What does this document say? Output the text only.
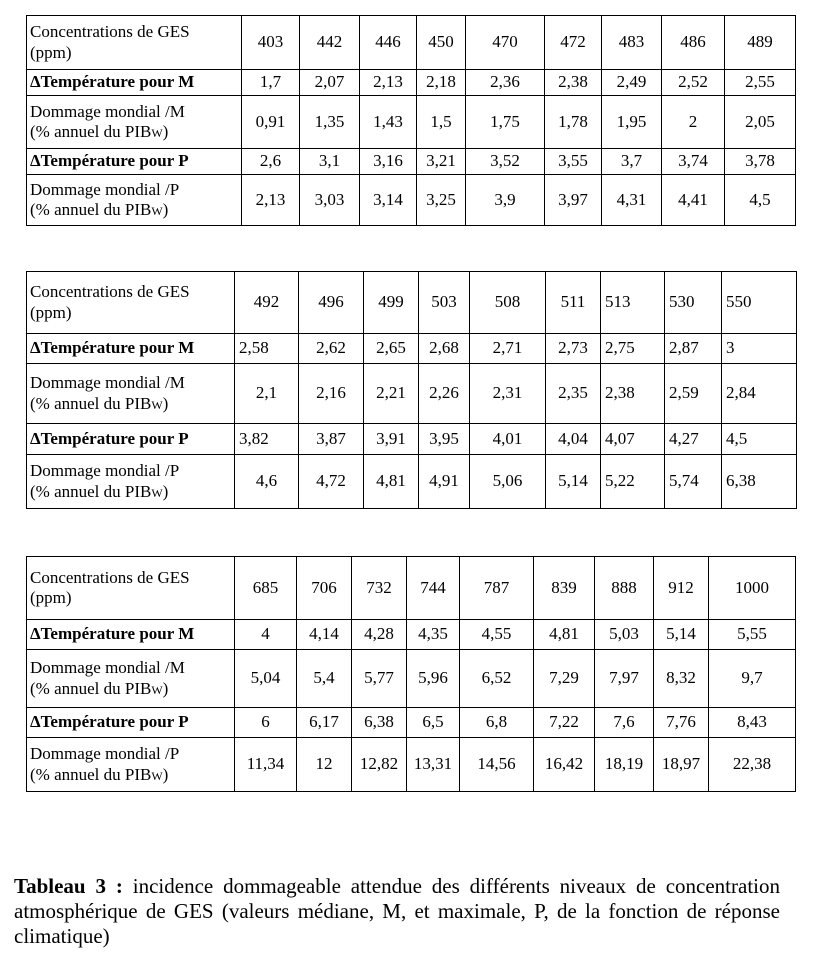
Concentrations de GES
(ppm)	403	442	446	450	470	472	483	486	489
ΔTempérature pour M	1,7	2,07	2,13	2,18	2,36	2,38	2,49	2,52	2,55
Dommage mondial /M
(% annuel du PIBW)	0,91	1,35	1,43	1,5	1,75	1,78	1,95	2	2,05
ΔTempérature pour P	2,6	3,1	3,16	3,21	3,52	3,55	3,7	3,74	3,78
Dommage mondial /P
(% annuel du PIBW)	2,13	3,03	3,14	3,25	3,9	3,97	4,31	4,41	4,5
Concentrations de GES
(ppm)	492	496	499	503	508	511	513	530	550
ΔTempérature pour M	2,58	2,62	2,65	2,68	2,71	2,73	2,75	2,87	3
Dommage mondial /M
(% annuel du PIBW)	2,1	2,16	2,21	2,26	2,31	2,35	2,38	2,59	2,84
ΔTempérature pour P	3,82	3,87	3,91	3,95	4,01	4,04	4,07	4,27	4,5
Dommage mondial /P
(% annuel du PIBW)	4,6	4,72	4,81	4,91	5,06	5,14	5,22	5,74	6,38
Concentrations de GES
(ppm)	685	706	732	744	787	839	888	912	1000
ΔTempérature pour M	4	4,14	4,28	4,35	4,55	4,81	5,03	5,14	5,55
Dommage mondial /M
(% annuel du PIBW)	5,04	5,4	5,77	5,96	6,52	7,29	7,97	8,32	9,7
ΔTempérature pour P	6	6,17	6,38	6,5	6,8	7,22	7,6	7,76	8,43
Dommage mondial /P
(% annuel du PIBW)	11,34	12	12,82	13,31	14,56	16,42	18,19	18,97	22,38

Tableau 3 : incidence dommageable attendue des différents niveaux de concentration atmosphérique de GES (valeurs médiane, M, et maximale, P, de la fonction de réponse climatique)
